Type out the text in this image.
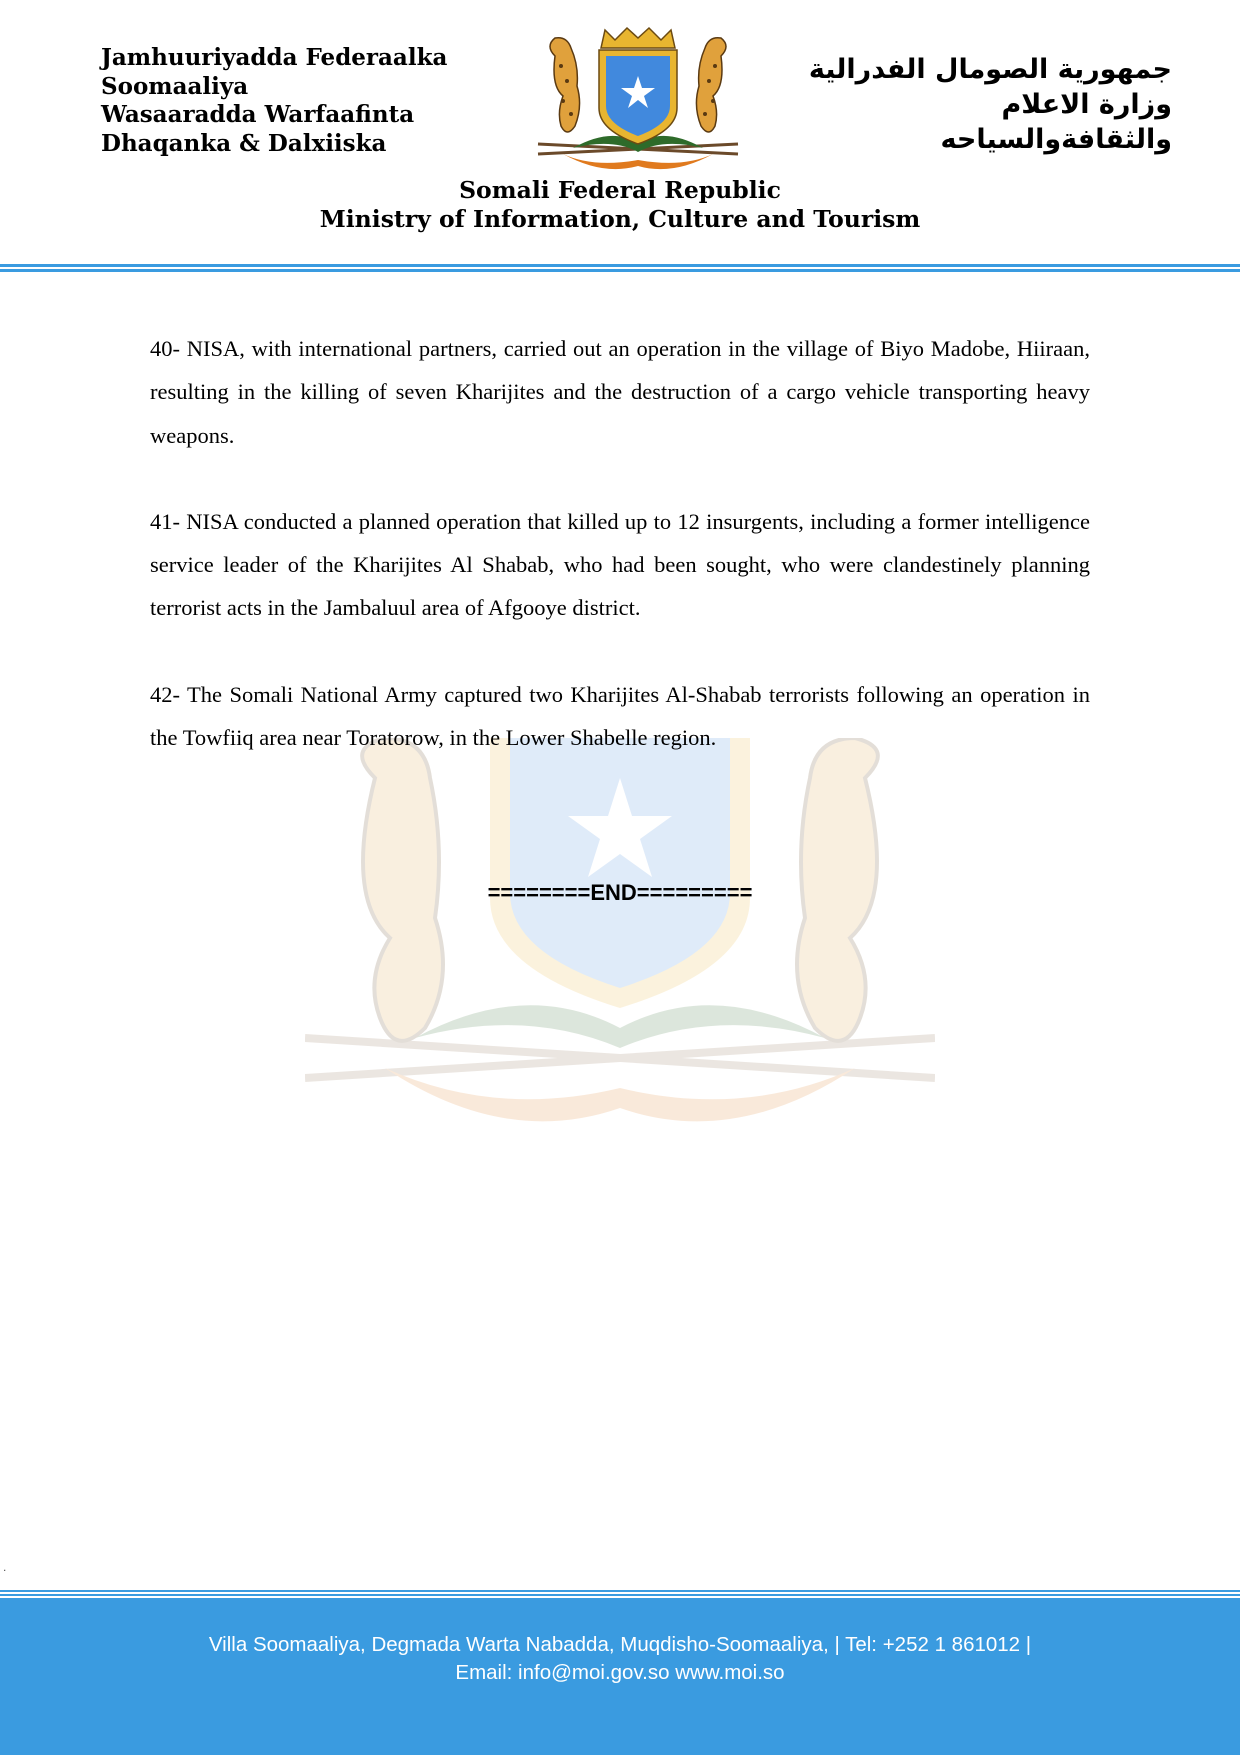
Jamhuuriyadda Federaalka
Soomaaliya
Wasaaradda Warfaafinta
Dhaqanka & Dalxiiska
جمهورية الصومال الفدرالية
وزارة الاعلام
والثقافةوالسياحه
Somali Federal Republic
Ministry of Information, Culture and Tourism

40- NISA, with international partners, carried out an operation in the village of Biyo Madobe, Hiiraan, resulting in the killing of seven Kharijites and the destruction of a cargo vehicle transporting heavy weapons.

41- NISA conducted a planned operation that killed up to 12 insurgents, including a former intelligence service leader of the Kharijites Al Shabab, who had been sought, who were clandestinely planning terrorist acts in the Jambaluul area of Afgooye district.

42- The Somali National Army captured two Kharijites Al-Shabab terrorists following an operation in the Towfiiq area near Toratorow, in the Lower Shabelle region.

========END=========
.
Villa Soomaaliya, Degmada Warta Nabadda, Muqdisho-Soomaaliya, | Tel: +252 1 861012 |
Email: info@moi.gov.so www.moi.so
